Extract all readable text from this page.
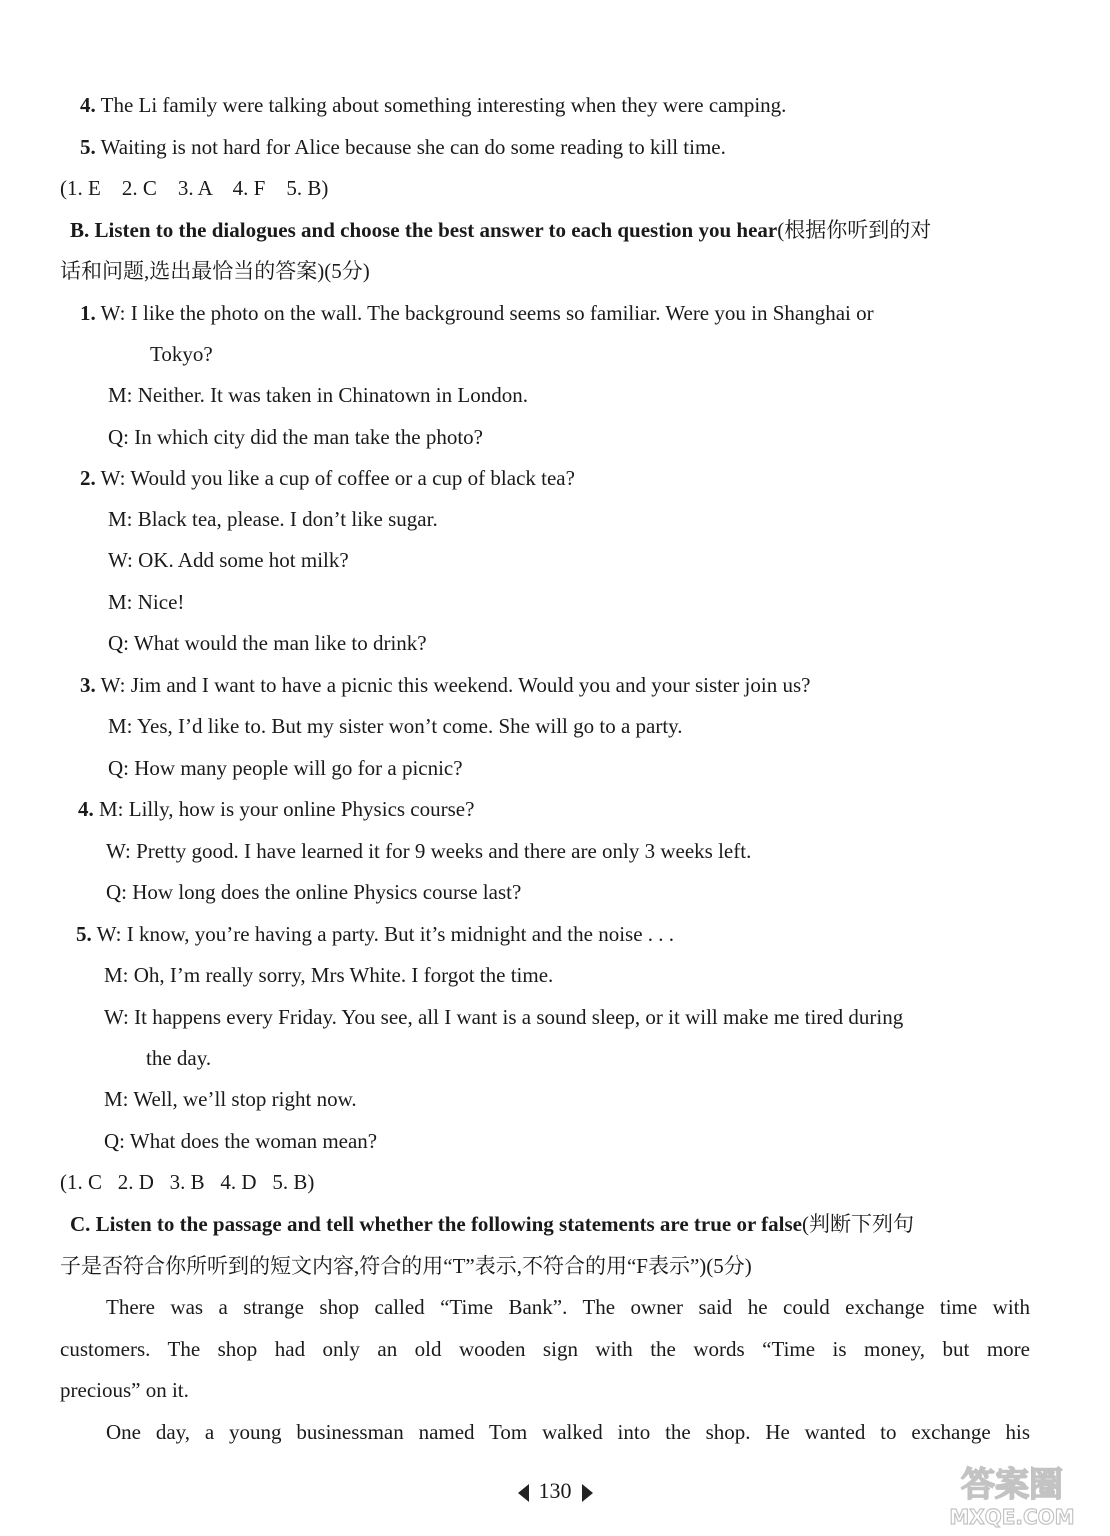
4. The Li family were talking about something interesting when they were camping.
5. Waiting is not hard for Alice because she can do some reading to kill time.
(1. E    2. C    3. A    4. F    5. B)
B. Listen to the dialogues and choose the best answer to each question you hear(根据你听到的对
话和问题,选出最恰当的答案)(5分)
1. W: I like the photo on the wall. The background seems so familiar. Were you in Shanghai or
Tokyo?
M: Neither. It was taken in Chinatown in London.
Q: In which city did the man take the photo?
2. W: Would you like a cup of coffee or a cup of black tea?
M: Black tea, please. I don’t like sugar.
W: OK. Add some hot milk?
M: Nice!
Q: What would the man like to drink?
3. W: Jim and I want to have a picnic this weekend. Would you and your sister join us?
M: Yes, I’d like to. But my sister won’t come. She will go to a party.
Q: How many people will go for a picnic?
4. M: Lilly, how is your online Physics course?
W: Pretty good. I have learned it for 9 weeks and there are only 3 weeks left.
Q: How long does the online Physics course last?
5. W: I know, you’re having a party. But it’s midnight and the noise . . .
M: Oh, I’m really sorry, Mrs White. I forgot the time.
W: It happens every Friday. You see, all I want is a sound sleep, or it will make me tired during
the day.
M: Well, we’ll stop right now.
Q: What does the woman mean?
(1. C   2. D   3. B   4. D   5. B)
C. Listen to the passage and tell whether the following statements are true or false(判断下列句
子是否符合你所听到的短文内容,符合的用“T”表示,不符合的用“F表示”)(5分)
There was a strange shop called “Time Bank”. The owner said he could exchange time with
customers. The shop had only an old wooden sign with the words “Time is money, but more
precious” on it.
One day, a young businessman named Tom walked into the shop. He wanted to exchange his
130	答案圈
MXQE.COM
